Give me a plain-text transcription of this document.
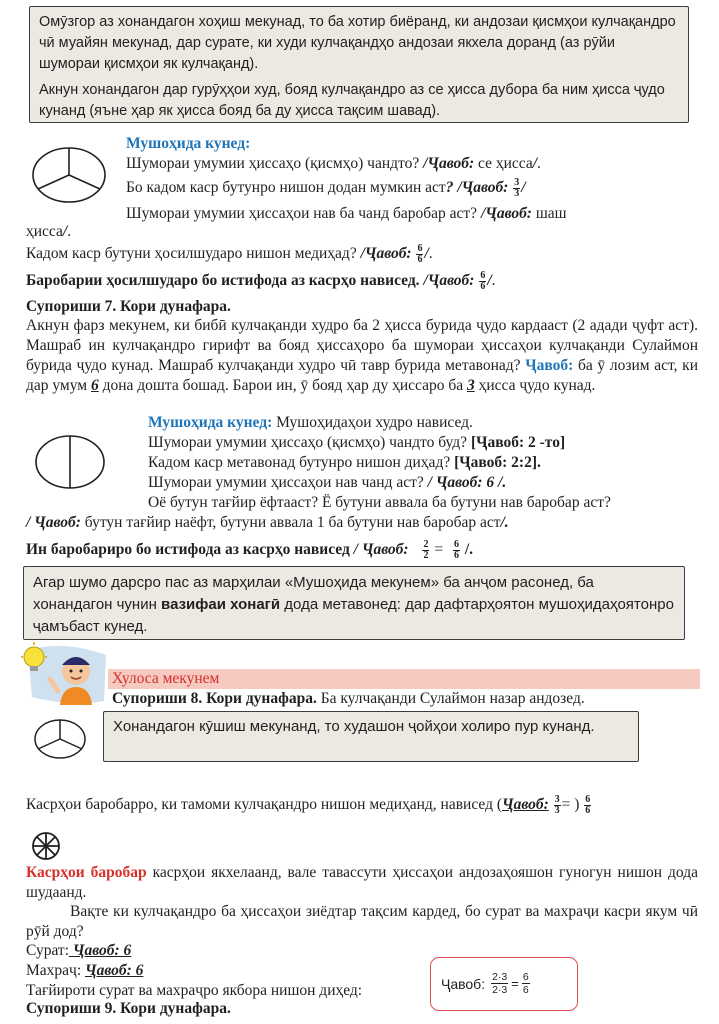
Омӯзгор аз хонандагон хоҳиш мекунад, то ба хотир биёранд, ки андозаи қисмҳои кулчақандро чӣ муайян мекунад, дар сурате, ки худи кулчақандҳо андозаи якхела доранд (аз рӯйи шумораи қисмҳои як кулчақанд).

Акнун хонандагон дар гурӯҳҳои худ, бояд кулчақандро аз се ҳисса дубора ба ним ҳисса ҷудо кунанд (яъне ҳар як ҳисса бояд ба ду ҳисса тақсим шавад).

Мушоҳида кунед:
Шумораи умумии ҳиссаҳо (қисмҳо) чандто? /Ҷавоб: се ҳисса/.
Бо кадом каср бутунро нишон додан мумкин аст? /Ҷавоб: $\frac{3}{3}$ /
Шумораи умумии ҳиссаҳои нав ба чанд баробар аст? /Ҷавоб: шаш
ҳисса/.
Кадом каср бутуни ҳосилшударо нишон медиҳад? /Ҷавоб: $\frac{6}{6}$ /.
Баробарии ҳосилшударо бо истифода аз касрҳо нависед. /Ҷавоб: $\frac{6}{6}$ /.
Супориши 7. Кори дунафара.
Акнун фарз мекунем, ки бибӣ кулчақанди худро ба 2 ҳисса бурида ҷудо кардааст (2 адади ҷуфт аст). Машраб ин кулчақандро гирифт ва бояд ҳиссаҳоро ба шумораи ҳиссаҳои кулчақанди Сулаймон бурида ҷудо кунад. Машраб кулчақанди худро чӣ тавр бурида метавонад? Ҷавоб: ба ӯ лозим аст, ки дар умум 6 дона дошта бошад. Барои ин, ӯ бояд ҳар ду ҳиссаро ба 3 ҳисса ҷудо кунад.
Мушоҳида кунед: Мушоҳидаҳои худро нависед.
Шумораи умумии ҳиссаҳо (қисмҳо) чандто буд? [Ҷавоб: 2 -то]
Кадом каср метавонад бутунро нишон диҳад? [Ҷавоб: 2:2].
Шумораи умумии ҳиссаҳои нав чанд аст? / Ҷавоб: 6 /.
Оё бутун тағйир ёфтааст? Ё бутуни аввала ба бутуни нав баробар аст?
/ Ҷавоб: бутун тағйир наёфт, бутуни аввала 1 ба бутуни нав баробар аст/.
Ин баробариро бо истифода аз касрҳо нависед / Ҷавоб: $\frac{2}{2} = \frac{6}{6}$ /.

Агар шумо дарсро пас аз марҳилаи «Мушоҳида мекунем» ба анҷом расонед, ба хонандагон чунин вазифаи хонагӣ дода метавонед: дар дафтарҳоятон мушоҳидаҳоятонро ҷамъбаст кунед.

Хулоса мекунем
Супориши 8. Кори дунафара. Ба кулчақанди Сулаймон назар андозед.

Хонандагон кӯшиш мекунанд, то худашон ҷойҳои холиро пур кунанд.

Касрҳои баробарро, ки тамоми кулчақандро нишон медиҳанд, нависед (Ҷавоб: $\frac{3}{3}$ = ) $\frac{6}{6}$
Касрҳои баробар касрҳои якхелаанд, вале тавассути ҳиссаҳои андозаҳояшон гуногун нишон дода шудаанд.
Вақте ки кулчақандро ба ҳиссаҳои зиёдтар тақсим кардед, бо сурат ва махраҷи касри якум чӣ рӯй дод?
Сурат: Ҷавоб: 6
Махраҷ: Ҷавоб: 6
Тағйироти сурат ва махраҷро якбора нишон диҳед:
Супориши 9. Кори дунафара.
Ҷавоб: $\frac{2\cdot 3}{2\cdot 3} = \frac{6}{6}$
